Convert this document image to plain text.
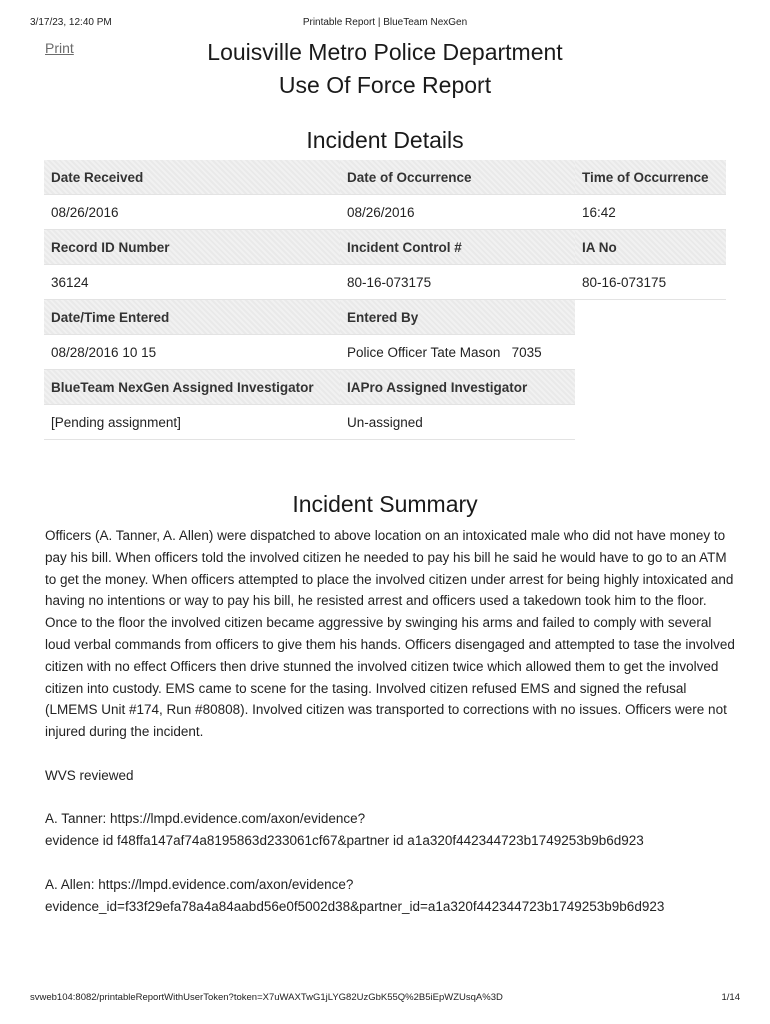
3/17/23, 12:40 PM	Printable Report | BlueTeam NexGen
Print	Louisville Metro Police Department
Use Of Force Report
Incident Details
Date Received	Date of Occurrence	Time of Occurrence
08/26/2016	08/26/2016	16:42
Record ID Number	Incident Control #	IA No
36124	80-16-073175	80-16-073175
Date/Time Entered	Entered By	
08/28/2016 10 15	Police Officer Tate Mason   7035	
BlueTeam NexGen Assigned Investigator	IAPro Assigned Investigator	
[Pending assignment]	Un-assigned	
Incident Summary

Officers (A. Tanner, A. Allen) were dispatched to above location on an intoxicated male who did not have money to pay his bill. When officers told the involved citizen he needed to pay his bill he said he would have to go to an ATM to get the money. When officers attempted to place the involved citizen under arrest for being highly intoxicated and having no intentions or way to pay his bill, he resisted arrest and officers used a takedown took him to the floor. Once to the floor the involved citizen became aggressive by swinging his arms and failed to comply with several loud verbal commands from officers to give them his hands. Officers disengaged and attempted to tase the involved citizen with no effect Officers then drive stunned the involved citizen twice which allowed them to get the involved citizen into custody. EMS came to scene for the tasing. Involved citizen refused EMS and signed the refusal (LMEMS Unit #174, Run #80808). Involved citizen was transported to corrections with no issues. Officers were not injured during the incident.

WVS reviewed

A. Tanner: https://lmpd.evidence.com/axon/evidence?
evidence id f48ffa147af74a8195863d233061cf67&partner id a1a320f442344723b1749253b9b6d923

A. Allen: https://lmpd.evidence.com/axon/evidence?
evidence_id=f33f29efa78a4a84aabd56e0f5002d38&partner_id=a1a320f442344723b1749253b9b6d923

svweb104:8082/printableReportWithUserToken?token=X7uWAXTwG1jLYG82UzGbK55Q%2B5iEpWZUsqA%3D	1/14
